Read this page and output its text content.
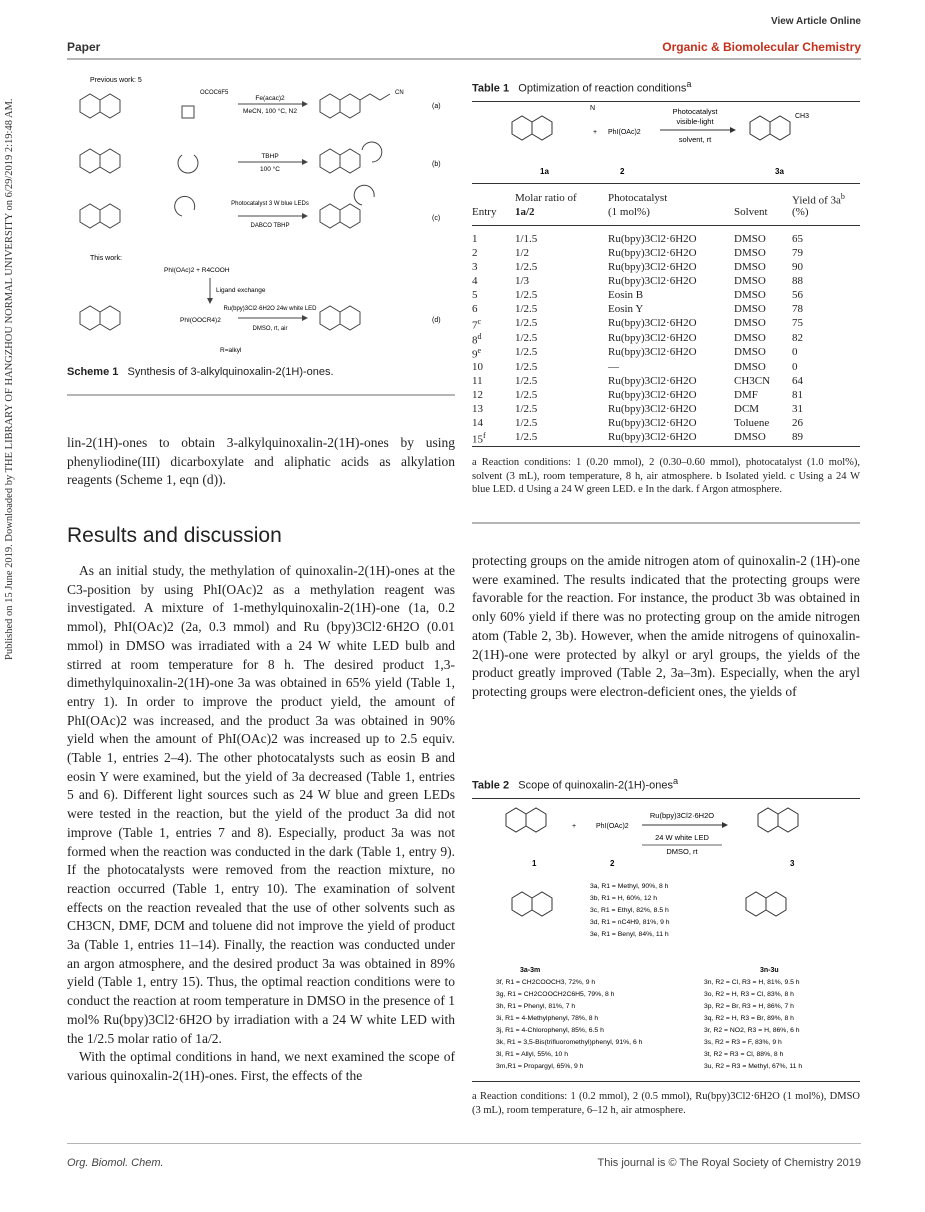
View Article Online
Paper	Organic & Biomolecular Chemistry
Published on 15 June 2019. Downloaded by THE LIBRARY OF HANGZHOU NORMAL UNIVERSITY on 6/29/2019 2:19:48 AM.
Previous work: 5
OCOC6F5	CN
Fe(acac)2
MeCN, 100 °C, N2
(a)
TBHP
100 °C
(b)
Photocatalyst 3 W blue LEDs
DABCO TBHP
(c)
This work:
PhI(OAc)2 + R4COOH
Ligand exchange
PhI(OOCR4)2
Ru(bpy)3Cl2·6H2O 24w white LED
DMSO, rt, air
(d)
R=alkyl
Scheme 1 Synthesis of 3-alkylquinoxalin-2(1H)-ones.
lin-2(1H)-ones to obtain 3-alkylquinoxalin-2(1H)-ones by using phenyliodine(III) dicarboxylate and aliphatic acids as alkylation reagents (Scheme 1, eqn (d)).
Results and discussion

As an initial study, the methylation of quinoxalin-2(1H)-ones at the C3-position by using PhI(OAc)2 as a methylation reagent was investigated. A mixture of 1-methylquinoxalin-2(1H)-one (1a, 0.2 mmol), PhI(OAc)2 (2a, 0.3 mmol) and Ru (bpy)3Cl2·6H2O (0.01 mmol) in DMSO was irradiated with a 24 W white LED bulb and stirred at room temperature for 8 h. The desired product 1,3-dimethylquinoxalin-2(1H)-one 3a was obtained in 65% yield (Table 1, entry 1). In order to improve the product yield, the amount of PhI(OAc)2 was increased, and the product 3a was obtained in 90% yield when the amount of PhI(OAc)2 was increased up to 2.5 equiv. (Table 1, entries 2–4). The other photocatalysts such as eosin B and eosin Y were examined, but the yield of 3a decreased (Table 1, entries 5 and 6). Different light sources such as 24 W blue and green LEDs were tested in the reaction, but the yield of the product 3a did not improve (Table 1, entries 7 and 8). Especially, product 3a was not formed when the reaction was conducted in the dark (Table 1, entry 9). If the photocatalysts were removed from the reaction mixture, no reaction occurred (Table 1, entry 10). The examination of solvent effects on the reaction revealed that the use of other solvents such as CH3CN, DMF, DCM and toluene did not improve the yield of product 3a (Table 1, entries 11–14). Finally, the reaction was conducted under an argon atmosphere, and the desired product 3a was obtained in 89% yield (Table 1, entry 15). Thus, the optimal reaction conditions were to conduct the reaction at room temperature in DMSO in the presence of 1 mol% Ru(bpy)3Cl2·6H2O by irradiation with a 24 W white LED with the 1/2.5 molar ratio of 1a/2.

With the optimal conditions in hand, we next examined the scope of various quinoxalin-2(1H)-ones. First, the effects of the

Table 1 Optimization of reaction conditions$^a$
N
+ PhI(OAc)2
Photocatalyst
visible-light
solvent, rt
CH3
1a	2	3a
Entry
Molar ratio of
1a/2
Photocatalyst
(1 mol%)	Solvent
Yield of $3a^b$
(%)
1	1/1.5	Ru(bpy)3Cl2·6H2O	DMSO	65
2	1/2	Ru(bpy)3Cl2·6H2O	DMSO	79
3	1/2.5	Ru(bpy)3Cl2·6H2O	DMSO	90
4	1/3	Ru(bpy)3Cl2·6H2O	DMSO	88
5	1/2.5	Eosin B	DMSO	56
6	1/2.5	Eosin Y	DMSO	78
7$^c$	1/2.5	Ru(bpy)3Cl2·6H2O	DMSO	75
8$^d$	1/2.5	Ru(bpy)3Cl2·6H2O	DMSO	82
9e	1/2.5	Ru(bpy)3Cl2·6H2O	DMSO	0
10	1/2.5	—	DMSO	0
11	1/2.5	Ru(bpy)3Cl2·6H2O	CH3CN	64
12	1/2.5	Ru(bpy)3Cl2·6H2O	DMF	81
13	1/2.5	Ru(bpy)3Cl2·6H2O	DCM	31
14	1/2.5	Ru(bpy)3Cl2·6H2O	Toluene	26
15$^f$	1/2.5	Ru(bpy)3Cl2·6H2O	DMSO	89
a Reaction conditions: 1 (0.20 mmol), 2 (0.30–0.60 mmol), photocatalyst (1.0 mol%), solvent (3 mL), room temperature, 8 h, air atmosphere. b Isolated yield. c Using a 24 W blue LED. d Using a 24 W green LED. e In the dark. f Argon atmosphere.
protecting groups on the amide nitrogen atom of quinoxalin-2 (1H)-one were examined. The results indicated that the protecting groups were favorable for the reaction. For instance, the product 3b was obtained in only 60% yield if there was no protecting group on the amide nitrogen atom (Table 2, 3b). However, when the amide nitrogens of quinoxalin-2(1H)-one were protected by alkyl or aryl groups, the yields of the product greatly improved (Table 2, 3a–3m). Especially, when the aryl protecting groups were electron-deficient ones, the yields of
Table 2 Scope of quinoxalin-2(1H)-ones$^a$
+	PhI(OAc)2
Ru(bpy)3Cl2·6H2O
24 W white LED
DMSO, rt
1	2	3
3a-3m	3n-3u
3a, R1 = Methyl, 90%, 8 h
3b, R1 = H, 60%, 12 h
3c, R1 = Ethyl, 82%, 8.5 h
3d, R1 = nC4H9, 81%, 9 h
3e, R1 = Benyl, 84%, 11 h
3f, R1 = CH2COOCH3, 72%, 9 h
3g, R1 = CH2COOCH2C6H5, 79%, 8 h
3h, R1 = Phenyl, 81%, 7 h
3i, R1 = 4-Methylphenyl, 78%, 8 h
3j, R1 = 4-Chlorophenyl, 85%, 6.5 h
3k, R1 = 3,5-Bis(trifluoromethyl)phenyl, 91%, 6 h
3l, R1 = Allyl, 55%, 10 h
3m,R1 = Propargyl, 65%, 9 h
3n, R2 = Cl, R3 = H, 81%, 9.5 h
3o, R2 = H, R3 = Cl, 83%, 8 h
3p, R2 = Br, R3 = H, 86%, 7 h
3q, R2 = H, R3 = Br, 89%, 8 h
3r, R2 = NO2, R3 = H, 86%, 6 h
3s, R2 = R3 = F, 83%, 9 h
3t, R2 = R3 = Cl, 88%, 8 h
3u, R2 = R3 = Methyl, 67%, 11 h
a Reaction conditions: 1 (0.2 mmol), 2 (0.5 mmol), Ru(bpy)3Cl2·6H2O (1 mol%), DMSO (3 mL), room temperature, 6–12 h, air atmosphere.
Org. Biomol. Chem.	This journal is © The Royal Society of Chemistry 2019
